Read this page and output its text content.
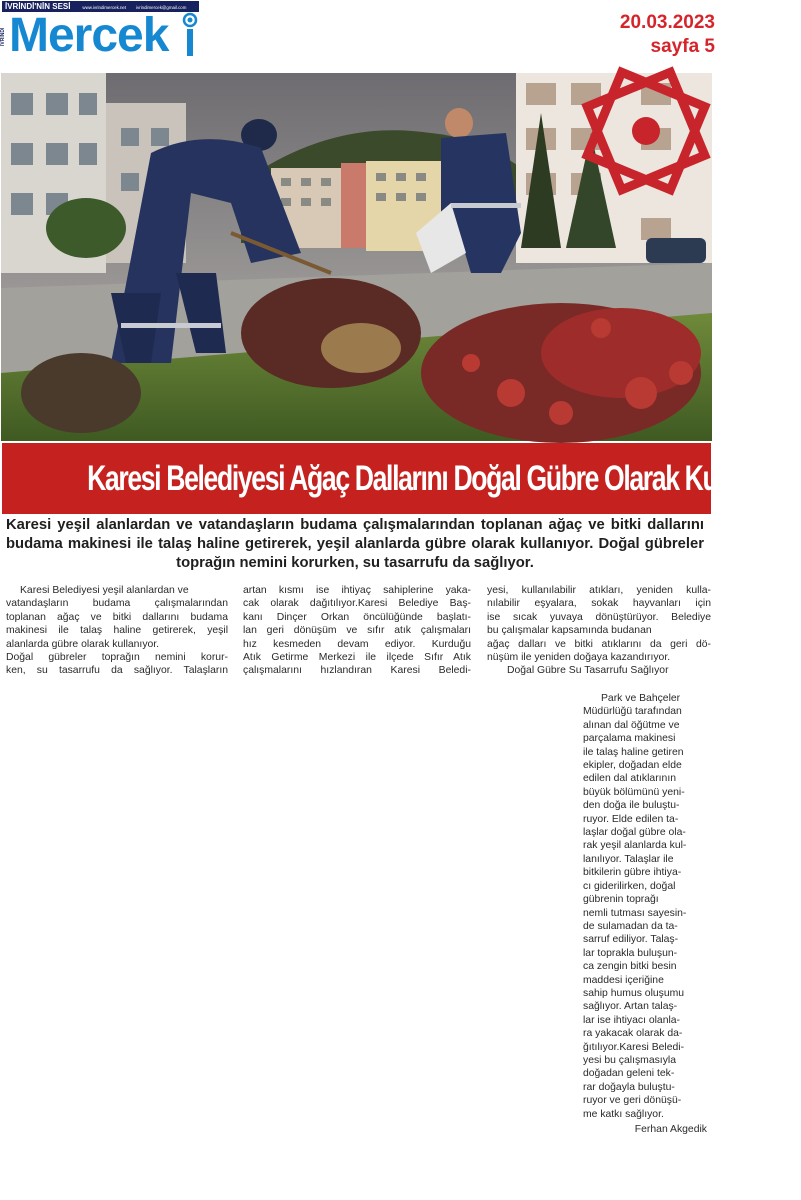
İVRİNDİ'NİN SESİ	www.ivrindimercek.net ivrindimercek@gmail.com
İVRİNDİ Mercek	20.03.2023
sayfa 5
Karesi Belediyesi Ağaç Dallarını Doğal Gübre Olarak Kullanıyor
Karesi yeşil alanlardan ve vatandaşların budama çalışmalarından toplanan ağaç ve bitki dallarını budama makinesi ile talaş haline getirerek, yeşil alanlarda gübre olarak kullanıyor. Doğal gübreler toprağın nemini korurken, su tasarrufu da sağlıyor.
Karesi Belediyesi yeşil alanlardan ve
vatandaşların budama çalışmalarından
toplanan ağaç ve bitki dallarını budama
makinesi ile talaş haline getirerek, yeşil
alanlarda gübre olarak kullanıyor.
Doğal gübreler toprağın nemini korur-
ken, su tasarrufu da sağlıyor. Talaşların
artan kısmı ise ihtiyaç sahiplerine yaka-
cak olarak dağıtılıyor.Karesi Belediye Baş-
kanı Dinçer Orkan öncülüğünde başlatı-
lan geri dönüşüm ve sıfır atık çalışmaları
hız kesmeden devam ediyor. Kurduğu
Atık Getirme Merkezi ile ilçede Sıfır Atık
çalışmalarını hızlandıran Karesi Beledi-
yesi, kullanılabilir atıkları, yeniden kulla-
nılabilir eşyalara, sokak hayvanları için
ise sıcak yuvaya dönüştürüyor. Belediye
bu çalışmalar kapsamında budanan
ağaç dalları ve bitki atıklarını da geri dö-
nüşüm ile yeniden doğaya kazandırıyor.
Doğal Gübre Su Tasarrufu Sağlıyor
Park ve Bahçeler
Müdürlüğü tarafından
alınan dal öğütme ve
parçalama makinesi
ile talaş haline getiren
ekipler, doğadan elde
edilen dal atıklarının
büyük bölümünü yeni-
den doğa ile buluştu-
ruyor. Elde edilen ta-
laşlar doğal gübre ola-
rak yeşil alanlarda kul-
lanılıyor. Talaşlar ile
bitkilerin gübre ihtiya-
cı giderilirken, doğal
gübrenin toprağı
nemli tutması sayesin-
de sulamadan da ta-
sarruf ediliyor. Talaş-
lar toprakla buluşun-
ca zengin bitki besin
maddesi içeriğine
sahip humus oluşumu
sağlıyor. Artan talaş-
lar ise ihtiyacı olanla-
ra yakacak olarak da-
ğıtılıyor.Karesi Beledi-
yesi bu çalışmasıyla
doğadan geleni tek-
rar doğayla buluştu-
ruyor ve geri dönüşü-
me katkı sağlıyor.
Ferhan Akgedik
